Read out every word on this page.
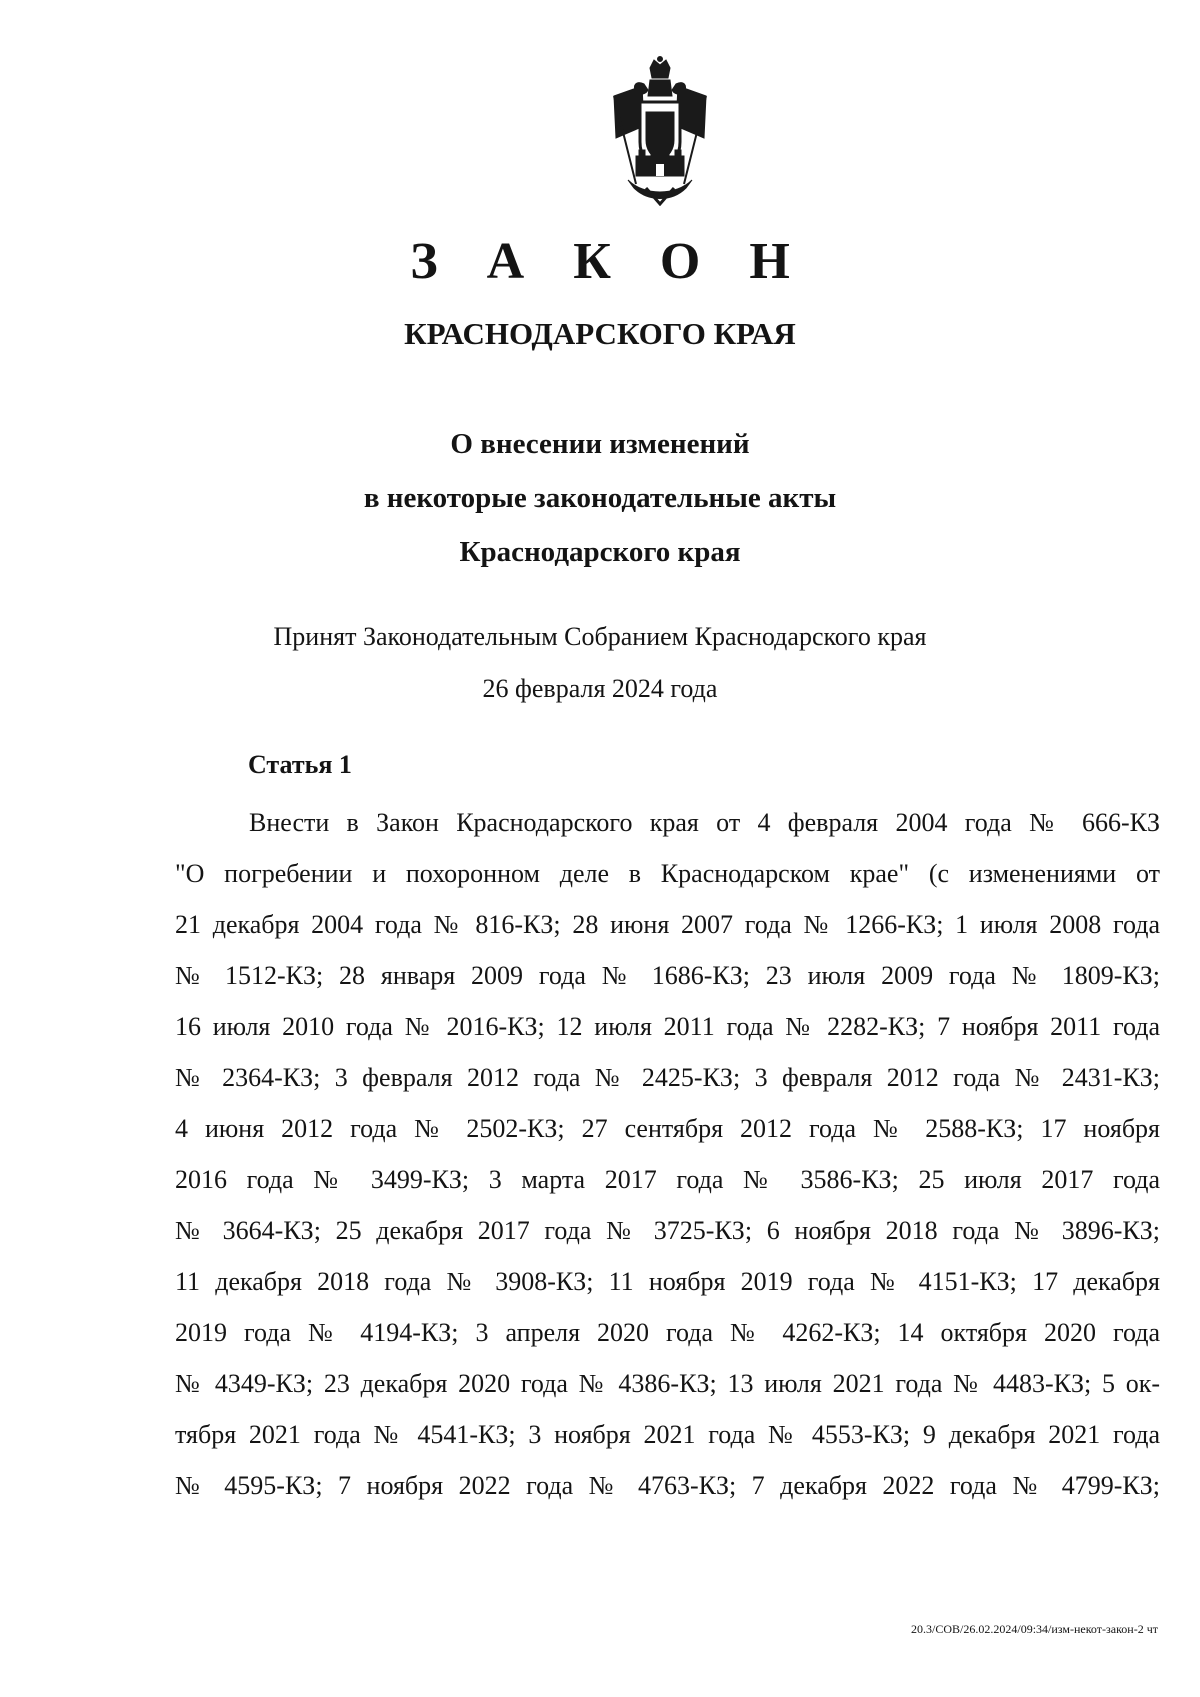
З А К О Н
КРАСНОДАРСКОГО КРАЯ
О внесении изменений
в некоторые законодательные акты
Краснодарского края
Принят Законодательным Собранием Краснодарского края
26 февраля 2024 года
Статья 1
Внести в Закон Краснодарского края от 4 февраля 2004 года № 666-КЗ
"О погребении и похоронном деле в Краснодарском крае" (с изменениями от
21 декабря 2004 года № 816-КЗ; 28 июня 2007 года № 1266-КЗ; 1 июля 2008 года
№ 1512-КЗ; 28 января 2009 года № 1686-КЗ; 23 июля 2009 года № 1809-КЗ;
16 июля 2010 года № 2016-КЗ; 12 июля 2011 года № 2282-КЗ; 7 ноября 2011 года
№ 2364-КЗ; 3 февраля 2012 года № 2425-КЗ; 3 февраля 2012 года № 2431-КЗ;
4 июня 2012 года № 2502-КЗ; 27 сентября 2012 года № 2588-КЗ; 17 ноября
2016 года № 3499-КЗ; 3 марта 2017 года № 3586-КЗ; 25 июля 2017 года
№ 3664-КЗ; 25 декабря 2017 года № 3725-КЗ; 6 ноября 2018 года № 3896-КЗ;
11 декабря 2018 года № 3908-КЗ; 11 ноября 2019 года № 4151-КЗ; 17 декабря
2019 года № 4194-КЗ; 3 апреля 2020 года № 4262-КЗ; 14 октября 2020 года
№ 4349-КЗ; 23 декабря 2020 года № 4386-КЗ; 13 июля 2021 года № 4483-КЗ; 5 ок-
тября 2021 года № 4541-КЗ; 3 ноября 2021 года № 4553-КЗ; 9 декабря 2021 года
№ 4595-КЗ; 7 ноября 2022 года № 4763-КЗ; 7 декабря 2022 года № 4799-КЗ;
20.3/СОВ/26.02.2024/09:34/изм-некот-закон-2 чт
